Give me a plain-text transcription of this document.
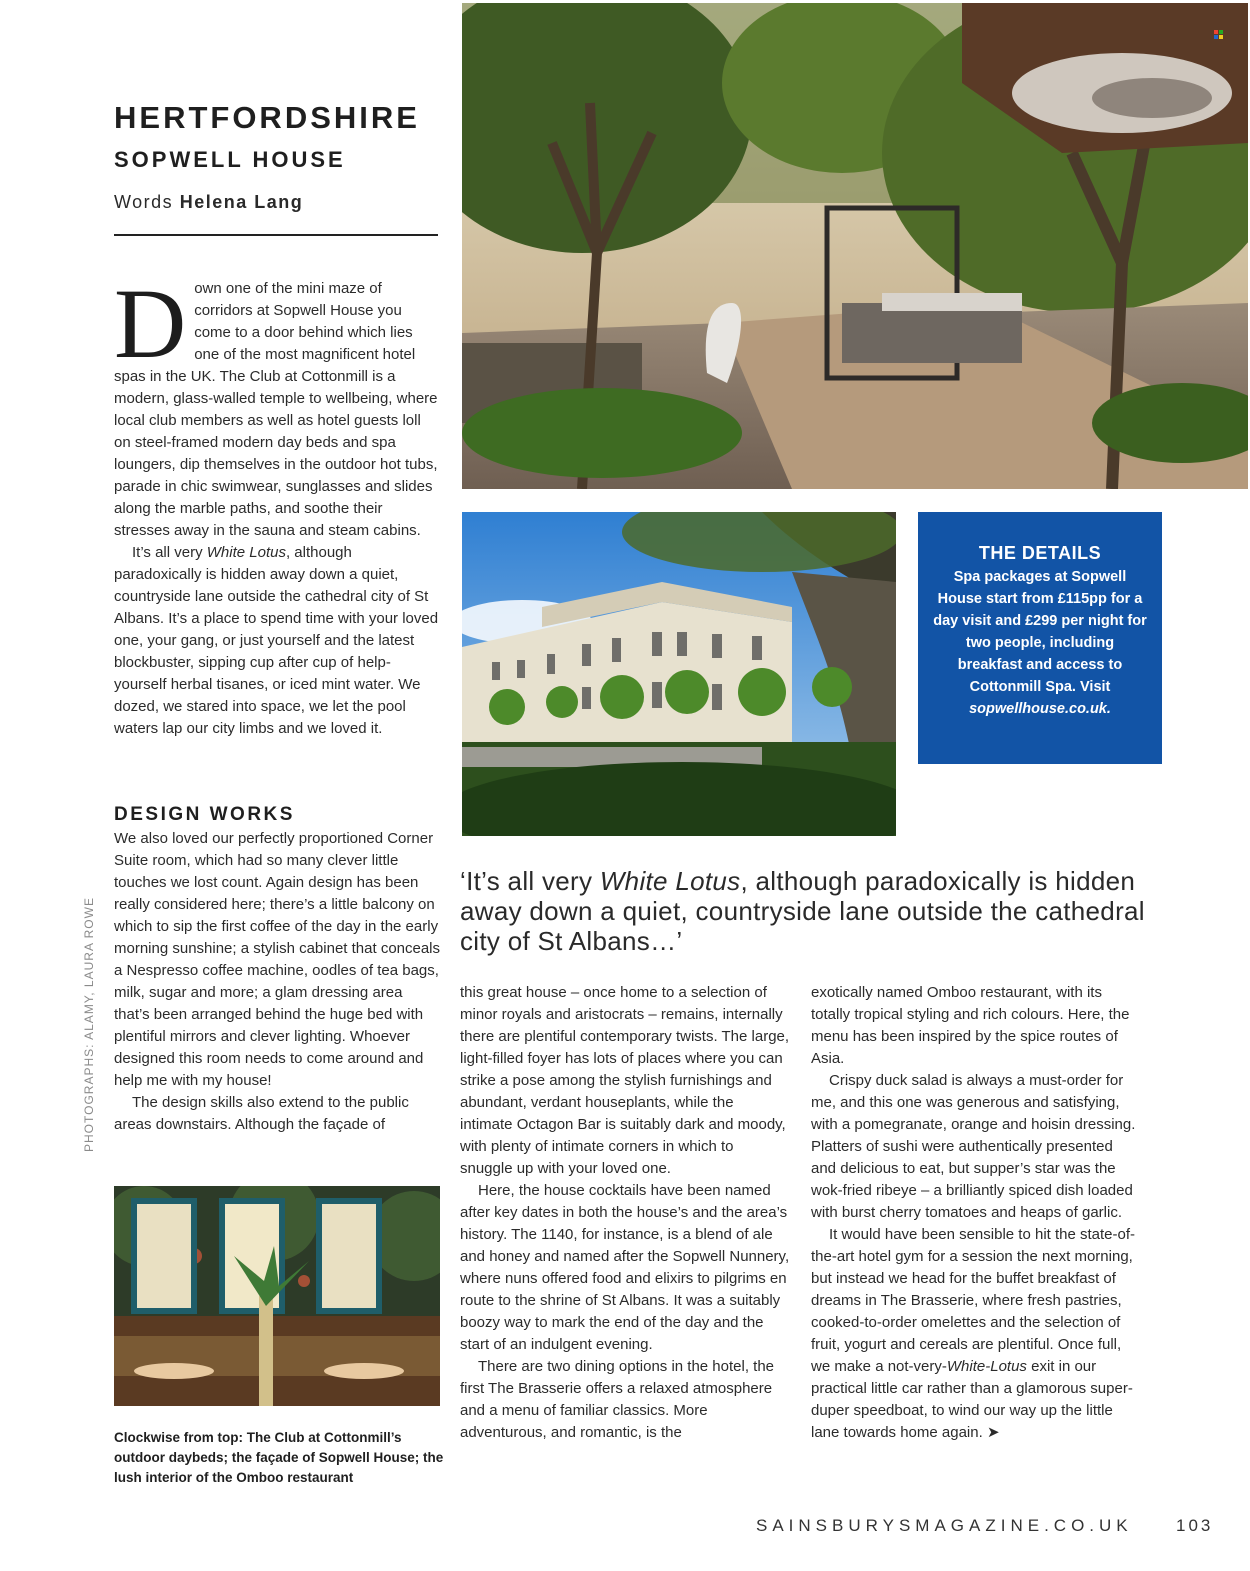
HERTFORDSHIRE
SOPWELL HOUSE
Words Helena Lang

Down one of the mini maze of corridors at Sopwell House you come to a door behind which lies one of the most magnificent hotel spas in the UK. The Club at Cottonmill is a modern, glass-walled temple to wellbeing, where local club members as well as hotel guests loll on steel-framed modern day beds and spa loungers, dip themselves in the outdoor hot tubs, parade in chic swimwear, sunglasses and slides along the marble paths, and soothe their stresses away in the sauna and steam cabins.

It’s all very White Lotus, although paradoxically is hidden away down a quiet, countryside lane outside the cathedral city of St Albans. It’s a place to spend time with your loved one, your gang, or just yourself and the latest blockbuster, sipping cup after cup of help-yourself herbal tisanes, or iced mint water. We dozed, we stared into space, we let the pool waters lap our city limbs and we loved it.

DESIGN WORKS

We also loved our perfectly proportioned Corner Suite room, which had so many clever little touches we lost count. Again design has been really considered here; there’s a little balcony on which to sip the first coffee of the day in the early morning sunshine; a stylish cabinet that conceals a Nespresso coffee machine, oodles of tea bags, milk, sugar and more; a glam dressing area that’s been arranged behind the huge bed with plentiful mirrors and clever lighting. Whoever designed this room needs to come around and help me with my house!

The design skills also extend to the public areas downstairs. Although the façade of

PHOTOGRAPHS: ALAMY, LAURA ROWE
THE DETAILS
Spa packages at Sopwell House start from £115pp for a day visit and £299 per night for two people, including breakfast and access to Cottonmill Spa. Visit sopwellhouse.co.uk.
‘It’s all very White Lotus, although paradoxically is hidden away down a quiet, countryside lane outside the cathedral city of St Albans…’

this great house – once home to a selection of minor royals and aristocrats – remains, internally there are plentiful contemporary twists. The large, light-filled foyer has lots of places where you can strike a pose among the stylish furnishings and abundant, verdant houseplants, while the intimate Octagon Bar is suitably dark and moody, with plenty of intimate corners in which to snuggle up with your loved one.

Here, the house cocktails have been named after key dates in both the house’s and the area’s history. The 1140, for instance, is a blend of ale and honey and named after the Sopwell Nunnery, where nuns offered food and elixirs to pilgrims en route to the shrine of St Albans. It was a suitably boozy way to mark the end of the day and the start of an indulgent evening.

There are two dining options in the hotel, the first The Brasserie offers a relaxed atmosphere and a menu of familiar classics. More adventurous, and romantic, is the

exotically named Omboo restaurant, with its totally tropical styling and rich colours. Here, the menu has been inspired by the spice routes of Asia.

Crispy duck salad is always a must-order for me, and this one was generous and satisfying, with a pomegranate, orange and hoisin dressing. Platters of sushi were authentically presented and delicious to eat, but supper’s star was the wok-fried ribeye – a brilliantly spiced dish loaded with burst cherry tomatoes and heaps of garlic.

It would have been sensible to hit the state-of-the-art hotel gym for a session the next morning, but instead we head for the buffet breakfast of dreams in The Brasserie, where fresh pastries, cooked-to-order omelettes and the selection of fruit, yogurt and cereals are plentiful. Once full, we make a not-very-White-Lotus exit in our practical little car rather than a glamorous super-duper speedboat, to wind our way up the little lane towards home again. ➤

Clockwise from top: The Club at Cottonmill’s outdoor daybeds; the façade of Sopwell House; the lush interior of the Omboo restaurant
SAINSBURYSMAGAZINE.CO.UK	103
